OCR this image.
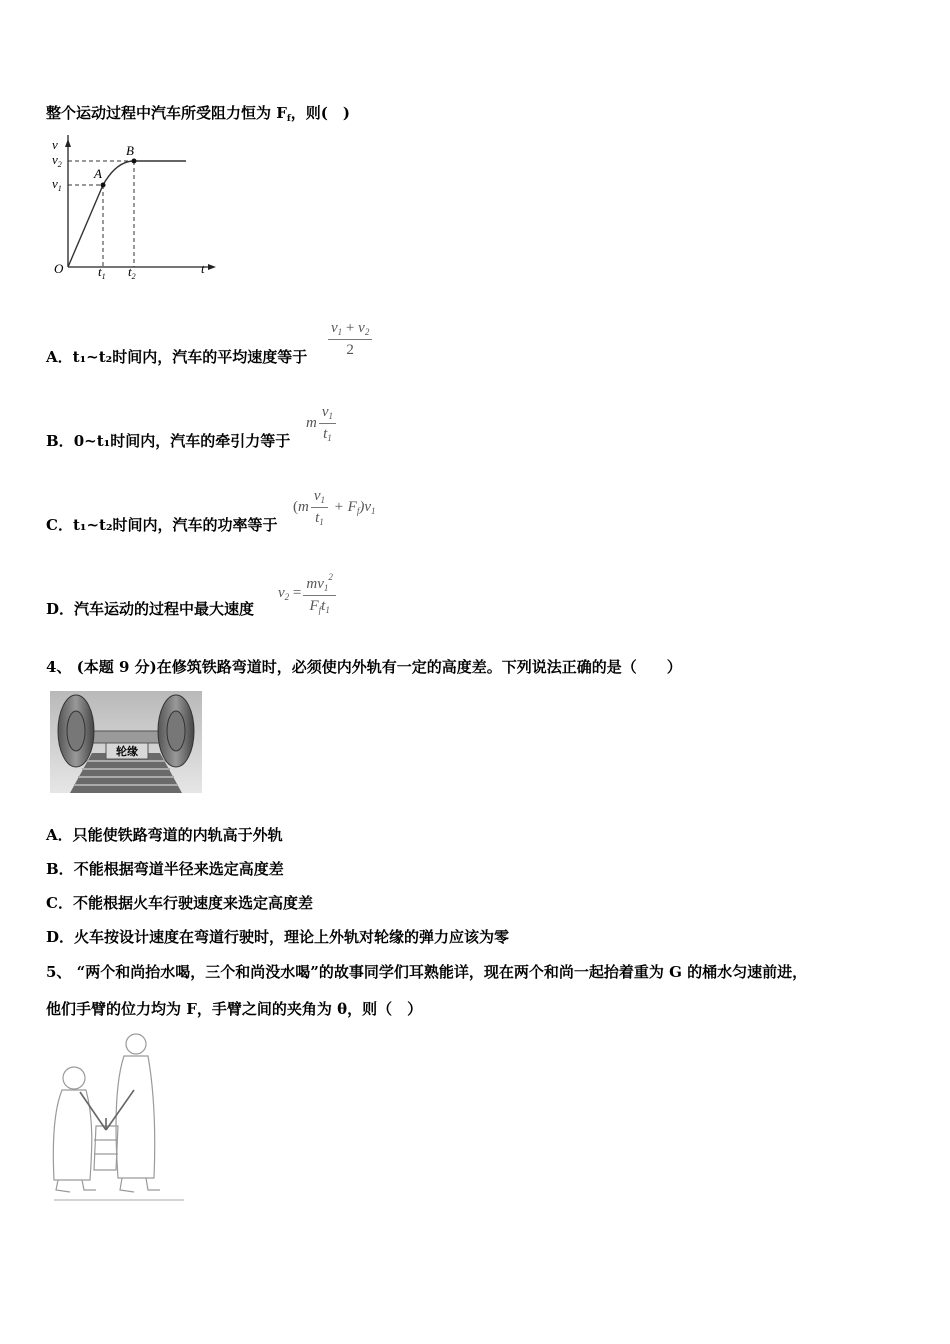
整个运动过程中汽车所受阻力恒为 $F_f$，则(　)
v
$v_2$
$v_1$
A
B
O	$t_1$ $t_2$
t
A．t₁~t₂时间内，汽车的平均速度等于 $\frac{v_1 + v_2}{2}$
B．0~t₁时间内，汽车的牵引力等于
m $\frac{v_1}{t_1}$
C．t₁~t₂时间内，汽车的功率等于
$(m \frac{v_1}{t_1} + F_f)v_1$
D．汽车运动的过程中最大速度
$v_2 = \frac{mv_1^2}{F_ft_1}$
4、 (本题 9 分)在修筑铁路弯道时，必须使内外轨有一定的高度差。下列说法正确的是（　　）
轮缘
A．只能使铁路弯道的内轨高于外轨
B．不能根据弯道半径来选定高度差
C．不能根据火车行驶速度来选定高度差
D．火车按设计速度在弯道行驶时，理论上外轨对轮缘的弹力应该为零
5、 “两个和尚抬水喝，三个和尚没水喝”的故事同学们耳熟能详，现在两个和尚一起抬着重为 G 的桶水匀速前进，
他们手臂的位力均为 F，手臂之间的夹角为 θ，则（　）
